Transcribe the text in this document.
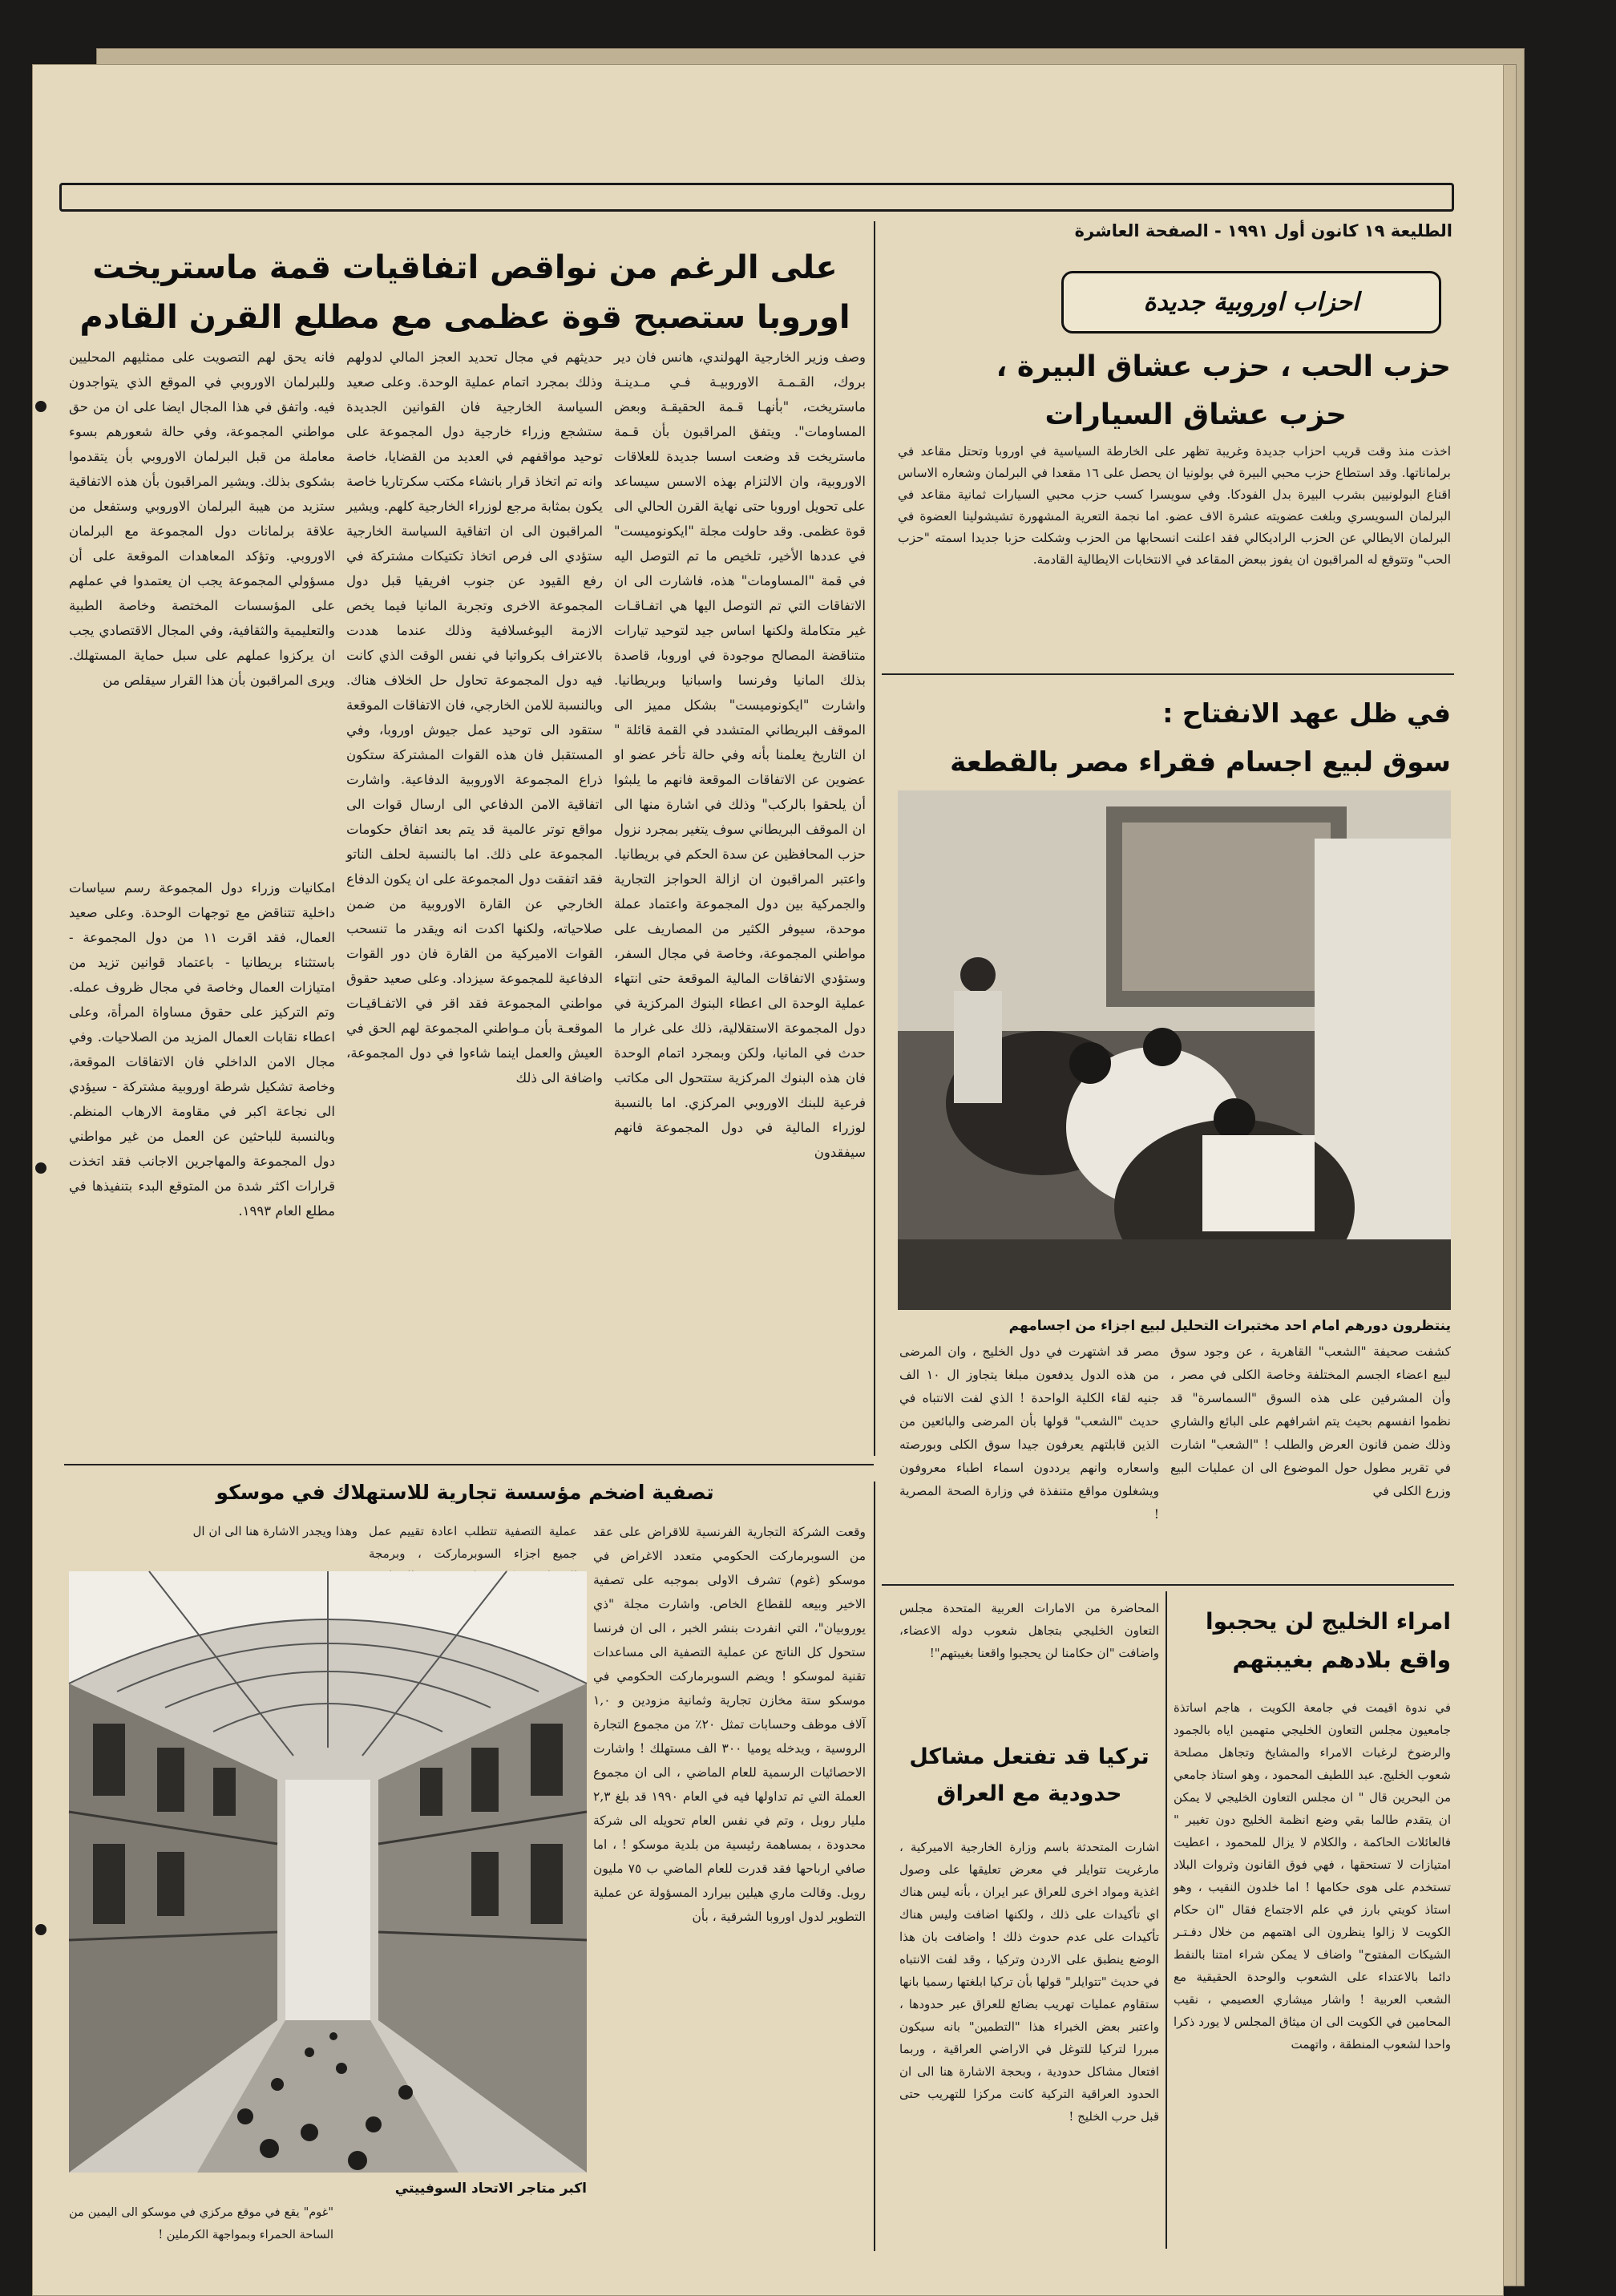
الطليعة ١٩ كانون أول ١٩٩١ - الصفحة العاشرة
على الرغم من نواقص اتفاقيات قمة ماستريخت
اوروبا ستصبح قوة عظمى مع مطلع القرن القادم
وصف وزير الخارجية الهولندي، هانس فان دير بروك، القـمـة الاوروبيـة فـي مـدينـة ماستريخت، "بأنهـا قـمة الحقيقـة وبعض المساومات". ويتفق المراقبون بأن قـمة ماستريخت قد وضعت اسسا جديدة للعلاقات الاوروبية، وان الالتزام بهذه الاسس سيساعد على تحويل اوروبا حتى نهاية القرن الحالي الى قوة عظمى. وقد حاولت مجلة "ايكونوميست" في عددها الأخير، تلخيص ما تم التوصل اليه في قمة "المساومات" هذه، فاشارت الى ان الاتفاقات التي تم التوصل اليها هي اتفـاقـات غير متكاملة ولكنها اساس جيد لتوحيد تيارات متناقضة المصالح موجودة في اوروبا، قاصدة بذلك المانيا وفرنسا واسبانيا وبريطانيا. واشارت "ايكونوميست" بشكل مميز الى الموقف البريطاني المتشدد في القمة قائلة " ان التاريخ يعلمنا بأنه وفي حالة تأخر عضو او عضوين عن الاتفاقات الموقعة فانهم ما يلبثوا أن يلحقوا بالركب" وذلك في اشارة منها الى ان الموقف البريطاني سوف يتغير بمجرد نزول حزب المحافظين عن سدة الحكم في بريطانيا. واعتبر المراقبون ان ازالة الحواجز التجارية والجمركية بين دول المجموعة واعتماد عملة موحدة، سيوفر الكثير من المصاريف على مواطني المجموعة، وخاصة في مجال السفر، وستؤدي الاتفاقات المالية الموقعة حتى انتهاء عملية الوحدة الى اعطاء البنوك المركزية في دول المجموعة الاستقلالية، ذلك على غرار ما حدث في المانيا، ولكن وبمجرد اتمام الوحدة فان هذه البنوك المركزية ستتحول الى مكاتب فرعية للبنك الاوروبي المركزي. اما بالنسبة لوزراء المالية في دول المجموعة فانهم سيفقدون
حديثهم في مجال تحديد العجز المالي لدولهم وذلك بمجرد اتمام عملية الوحدة. وعلى صعيد السياسة الخارجية فان القوانين الجديدة ستشجع وزراء خارجية دول المجموعة على توحيد مواقفهم في العديد من القضايا، خاصة وانه تم اتخاذ قرار بانشاء مكتب سكرتاريا خاصة يكون بمثابة مرجع لوزراء الخارجية كلهم. ويشير المراقبون الى ان اتفاقية السياسة الخارجية ستؤدي الى فرص اتخاذ تكتيكات مشتركة في رفع القيود عن جنوب افريقيا قبل دول المجموعة الاخرى وتجربة المانيا فيما يخص الازمة اليوغسلافية وذلك عندما هددت بالاعتراف بكرواتيا في نفس الوقت الذي كانت فيه دول المجموعة تحاول حل الخلاف هناك. وبالنسبة للامن الخارجي، فان الاتفاقات الموقعة ستقود الى توحيد عمل جيوش اوروبا، وفي المستقبل فان هذه القوات المشتركة ستكون ذراع المجموعة الاوروبية الدفاعية. واشارت اتفاقية الامن الدفاعي الى ارسال قوات الى مواقع توتر عالمية قد يتم بعد اتفاق حكومات المجموعة على ذلك. اما بالنسبة لحلف الناتو فقد اتفقت دول المجموعة على ان يكون الدفاع الخارجي عن القارة الاوروبية من ضمن صلاحياته، ولكنها اكدت انه ويقدر ما تنسحب القوات الاميركية من القارة فان دور القوات الدفاعية للمجموعة سيزداد. وعلى صعيد حقوق مواطني المجموعة فقد اقر في الاتفـاقيـات الموقعـة بأن مـواطني المجموعة لهم الحق في العيش والعمل اينما شاءوا في دول المجموعة، واضافة الى ذلك
فانه يحق لهم التصويت على ممثليهم المحليين وللبرلمان الاوروبي في الموقع الذي يتواجدون فيه. واتفق في هذا المجال ايضا على ان من حق مواطني المجموعة، وفي حالة شعورهم بسوء معاملة من قبل البرلمان الاوروبي بأن يتقدموا بشكوى بذلك. ويشير المراقبون بأن هذه الاتفاقية ستزيد من هيبة البرلمان الاوروبي وستفعل من علاقة برلمانات دول المجموعة مع البرلمان الاوروبي. وتؤكد المعاهدات الموقعة على أن مسؤولي المجموعة يجب ان يعتمدوا في عملهم على المؤسسات المختصة وخاصة الطبية والتعليمية والثقافية، وفي المجال الاقتصادي يجب ان يركزوا عملهم على سبل حماية المستهلك. ويرى المراقبون بأن هذا القرار سيقلص من
امكانيات وزراء دول المجموعة رسم سياسات داخلية تتناقض مع توجهات الوحدة. وعلى صعيد العمال، فقد اقرت ١١ من دول المجموعة - باستثناء بريطانيا - باعتماد قوانين تزيد من امتيازات العمال وخاصة في مجال ظروف عمله. وتم التركيز على حقوق مساواة المرأة، وعلى اعطاء نقابات العمال المزيد من الصلاحيات. وفي مجال الامن الداخلي فان الاتفاقات الموقعة، وخاصة تشكيل شرطة اوروبية مشتركة - سيؤدي الى نجاعة اكبر في مقاومة الارهاب المنظم. وبالنسبة للباحثين عن العمل من غير مواطني دول المجموعة والمهاجرين الاجانب فقد اتخذت قرارات اكثر شدة من المتوقع البدء بتنفيذها في مطلع العام ١٩٩٣.
احزاب اوروبية جديدة
حزب الحب ، حزب عشاق البيرة ،
حزب عشاق السيارات
اخذت منذ وقت قريب احزاب جديدة وغريبة تظهر على الخارطة السياسية في اوروبا وتحتل مقاعد في برلماناتها. وقد استطاع حزب محبي البيرة في بولونيا ان يحصل على ١٦ مقعدا في البرلمان وشعاره الاساس اقناع البولونيين بشرب البيرة بدل الفودكا. وفي سويسرا كسب حزب محبي السيارات ثمانية مقاعد في البرلمان السويسري وبلغت عضويته عشرة الاف عضو. اما نجمة التعرية المشهورة تشيشولينا العضوة في البرلمان الايطالي عن الحزب الراديكالي فقد اعلنت انسحابها من الحزب وشكلت حزبا جديدا اسمته "حزب الحب" وتتوقع له المراقبون ان يفوز ببعض المقاعد في الانتخابات الايطالية القادمة.
في ظل عهد الانفتاح :
سوق لبيع اجسام فقراء مصر بالقطعة
ينتظرون دورهم امام احد مختبرات التحليل لبيع اجزاء من اجسامهم
كشفت صحيفة "الشعب" القاهرية ، عن وجود سوق لبيع اعضاء الجسم المختلفة وخاصة الكلى في مصر ، وأن المشرفين على هذه السوق "السماسرة" قد نظموا انفسهم بحيث يتم اشرافهم على البائع والشاري وذلك ضمن قانون العرض والطلب ! "الشعب" اشارت في تقرير مطول حول الموضوع الى ان عمليات البيع وزرع الكلى في
مصر قد اشتهرت في دول الخليج ، وان المرضى من هذه الدول يدفعون مبلغا يتجاوز ال ١٠ الف جنيه لقاء الكلية الواحدة ! الذي لفت الانتباه في حديث "الشعب" قولها بأن المرضى والبائعين من الذين قابلتهم يعرفون جيدا سوق الكلى وبورصته واسعاره وانهم يرددون اسماء اطباء معروفون ويشغلون مواقع متنفذة في وزارة الصحة المصرية !
امراء الخليج لن يحجبوا
واقع بلادهم بغيبتهم
في ندوة اقيمت في جامعة الكويت ، هاجم اساتذة جامعيون مجلس التعاون الخليجي متهمين اياه بالجمود والرضوخ لرغبات الامراء والمشايخ وتجاهل مصلحة شعوب الخليج. عبد اللطيف المحمود ، وهو استاذ جامعي من البحرين قال " ان مجلس التعاون الخليجي لا يمكن ان يتقدم طالما بقي وضع انظمة الخليج دون تغيير " فالعائلات الحاكمة ، والكلام لا يزال للمحمود ، اعطيت امتيازات لا تستحقها ، فهي فوق القانون وثروات البلاد تستخدم على هوى حكامها ! اما خلدون النقيب ، وهو استاذ كويتي بارز في علم الاجتماع فقال "ان حكام الكويت لا زالوا ينظرون الى اهتمهم من خلال دفـتـر الشيكات المفتوح" واضاف لا يمكن شراء امتنا بالنفط دائما بالاعتداء على الشعوب والوحدة الحقيقية مع الشعب العربية ! واشار ميشاري العصيمي ، نقيب المحامين في الكويت الى ان ميثاق المجلس لا يورد ذكرا واحدا لشعوب المنطقة ، واتهمت
المحاضرة من الامارات العربية المتحدة مجلس التعاون الخليجي بتجاهل شعوب دوله الاعضاء، واضافت "ان حكامنا لن يحجبوا واقعنا بغيبتهم"!
تركيا قد تفتعل مشاكل
حدودية مع العراق
اشارت المتحدثة باسم وزارة الخارجية الاميركية ، مارغريت تتوايلر في معرض تعليقها على وصول اغذية ومواد اخرى للعراق عبر ايران ، بأنه ليس هناك اي تأكيدات على ذلك ، ولكنها اضافت وليس هناك تأكيدات على عدم حدوث ذلك ! واضافت بان هذا الوضع ينطبق على الاردن وتركيا ، وقد لفت الانتباه في حديث "تتوايلر" قولها بأن تركيا ابلغتها رسميا بانها ستقاوم عمليات تهريب بضائع للعراق عبر حدودها ، واعتبر بعض الخبراء هذا "التطمين" بانه سيكون مبررا لتركيا للتوغل في الاراضي العراقية ، وربما افتعال مشاكل حدودية ، وبحجة الاشارة هنا الى ان الحدود العراقية التركية كانت مركزا للتهريب حتى قبل حرب الخليج !
تصفية اضخم مؤسسة تجارية للاستهلاك في موسكو
وقعت الشركة التجارية الفرنسية للاقراض على عقد من السوبرماركت الحكومي متعدد الاغراض في موسكو (غوم) تشرف الاولى بموجبه على تصفية الاخير وبيعه للقطاع الخاص. واشارت مجلة "ذي يوروبيان"، التي انفردت بنشر الخبر ، الى ان فرنسا ستحول كل الناتج عن عملية التصفية الى مساعدات تقنية لموسكو ! ويضم السوبرماركت الحكومي في موسكو ستة مخازن تجارية وثمانية مزودين و ١,٠ آلاف موظف وحسابات تمثل ٢٠٪ من مجموع التجارة الروسية ، ويدخله يوميا ٣٠٠ الف مستهلك ! واشارت الاحصائيات الرسمية للعام الماضي ، الى ان مجموع العملة التي تم تداولها فيه في العام ١٩٩٠ قد بلغ ٢,٣ مليار روبل ، وتم في نفس العام تحويله الى شركة محدودة ، بمساهمة رئيسية من بلدية موسكو ! ، اما صافي ارباحها فقد قدرت للعام الماضي ب ٧٥ مليون روبل. وقالت ماري هيلين بيرارد المسؤولة عن عملية التطوير لدول اوروبا الشرقية ، بأن
عملية التصفية تتطلب اعادة تقييم عمل جميع اجزاء السوبرماركت ، وبرمجة
وهذا ويجدر الاشارة هنا الى ان ال
اكبر متاجر الاتحاد السوفييتي
"غوم" يقع في موقع مركزي في موسكو الى اليمين من الساحة الحمراء وبمواجهة الكرملين !
